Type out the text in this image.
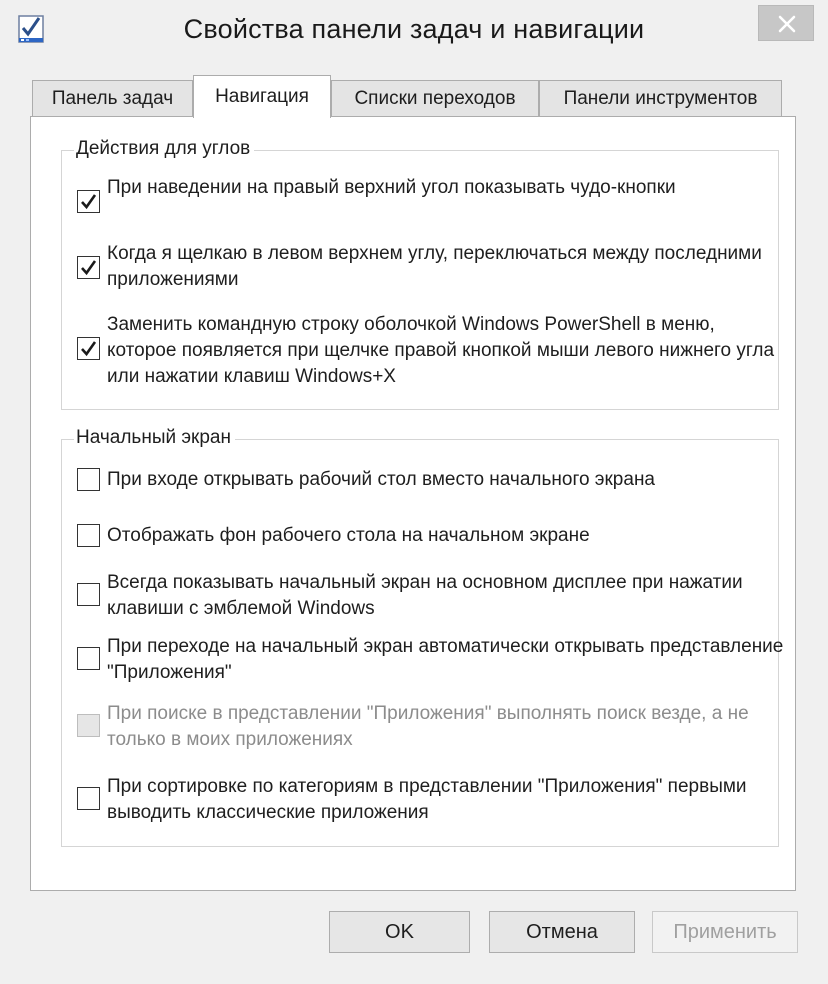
Свойства панели задач и навигации
Панель задач	Навигация	Списки переходов	Панели инструментов
Действия для углов
При наведении на правый верхний угол показывать чудо-кнопки
Когда я щелкаю в левом верхнем углу, переключаться между последними приложениями
Заменить командную строку оболочкой Windows PowerShell в меню, которое появляется при щелчке правой кнопкой мыши левого нижнего угла или нажатии клавиш Windows+X
Начальный экран
При входе открывать рабочий стол вместо начального экрана
Отображать фон рабочего стола на начальном экране
Всегда показывать начальный экран на основном дисплее при нажатии клавиши с эмблемой Windows
При переходе на начальный экран автоматически открывать представление "Приложения"
При поиске в представлении "Приложения" выполнять поиск везде, а не только в моих приложениях
При сортировке по категориям в представлении "Приложения" первыми выводить классические приложения
OK	Отмена	Применить
